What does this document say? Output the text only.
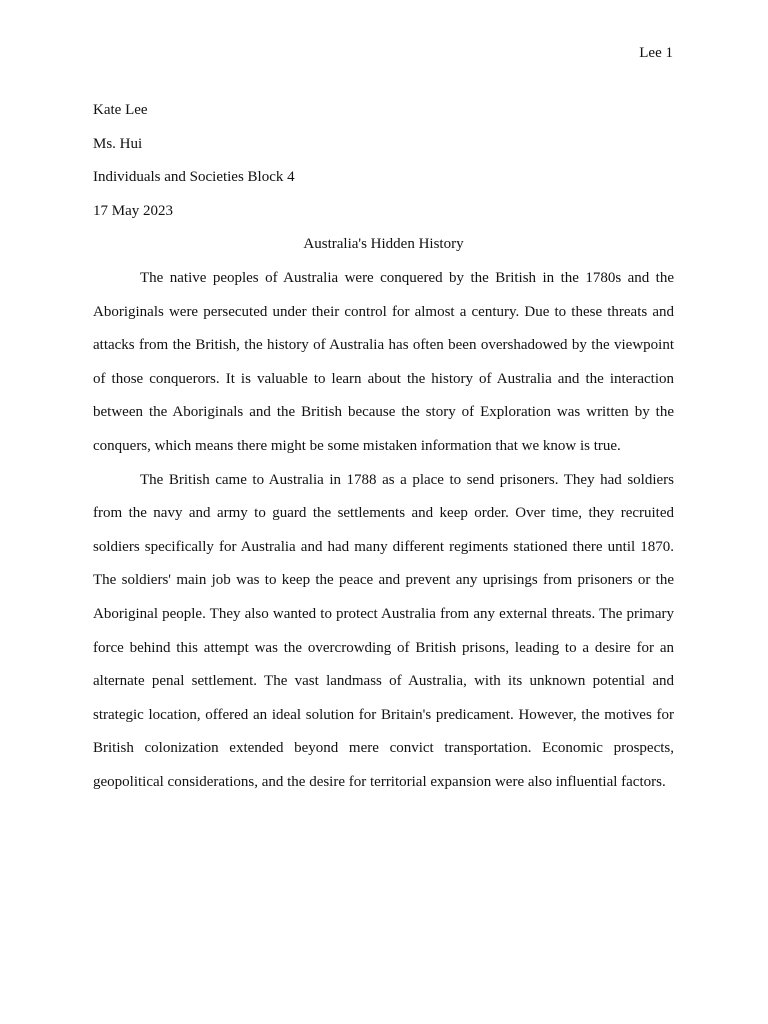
Lee 1
Kate Lee
Ms. Hui
Individuals and Societies Block 4
17 May 2023
Australia's Hidden History

The native peoples of Australia were conquered by the British in the 1780s and the Aboriginals were persecuted under their control for almost a century. Due to these threats and attacks from the British, the history of Australia has often been overshadowed by the viewpoint of those conquerors. It is valuable to learn about the history of Australia and the interaction between the Aboriginals and the British because the story of Exploration was written by the conquers, which means there might be some mistaken information that we know is true.

The British came to Australia in 1788 as a place to send prisoners. They had soldiers from the navy and army to guard the settlements and keep order. Over time, they recruited soldiers specifically for Australia and had many different regiments stationed there until 1870. The soldiers' main job was to keep the peace and prevent any uprisings from prisoners or the Aboriginal people. They also wanted to protect Australia from any external threats. The primary force behind this attempt was the overcrowding of British prisons, leading to a desire for an alternate penal settlement. The vast landmass of Australia, with its unknown potential and strategic location, offered an ideal solution for Britain's predicament. However, the motives for British colonization extended beyond mere convict transportation. Economic prospects, geopolitical considerations, and the desire for territorial expansion were also influential factors.
